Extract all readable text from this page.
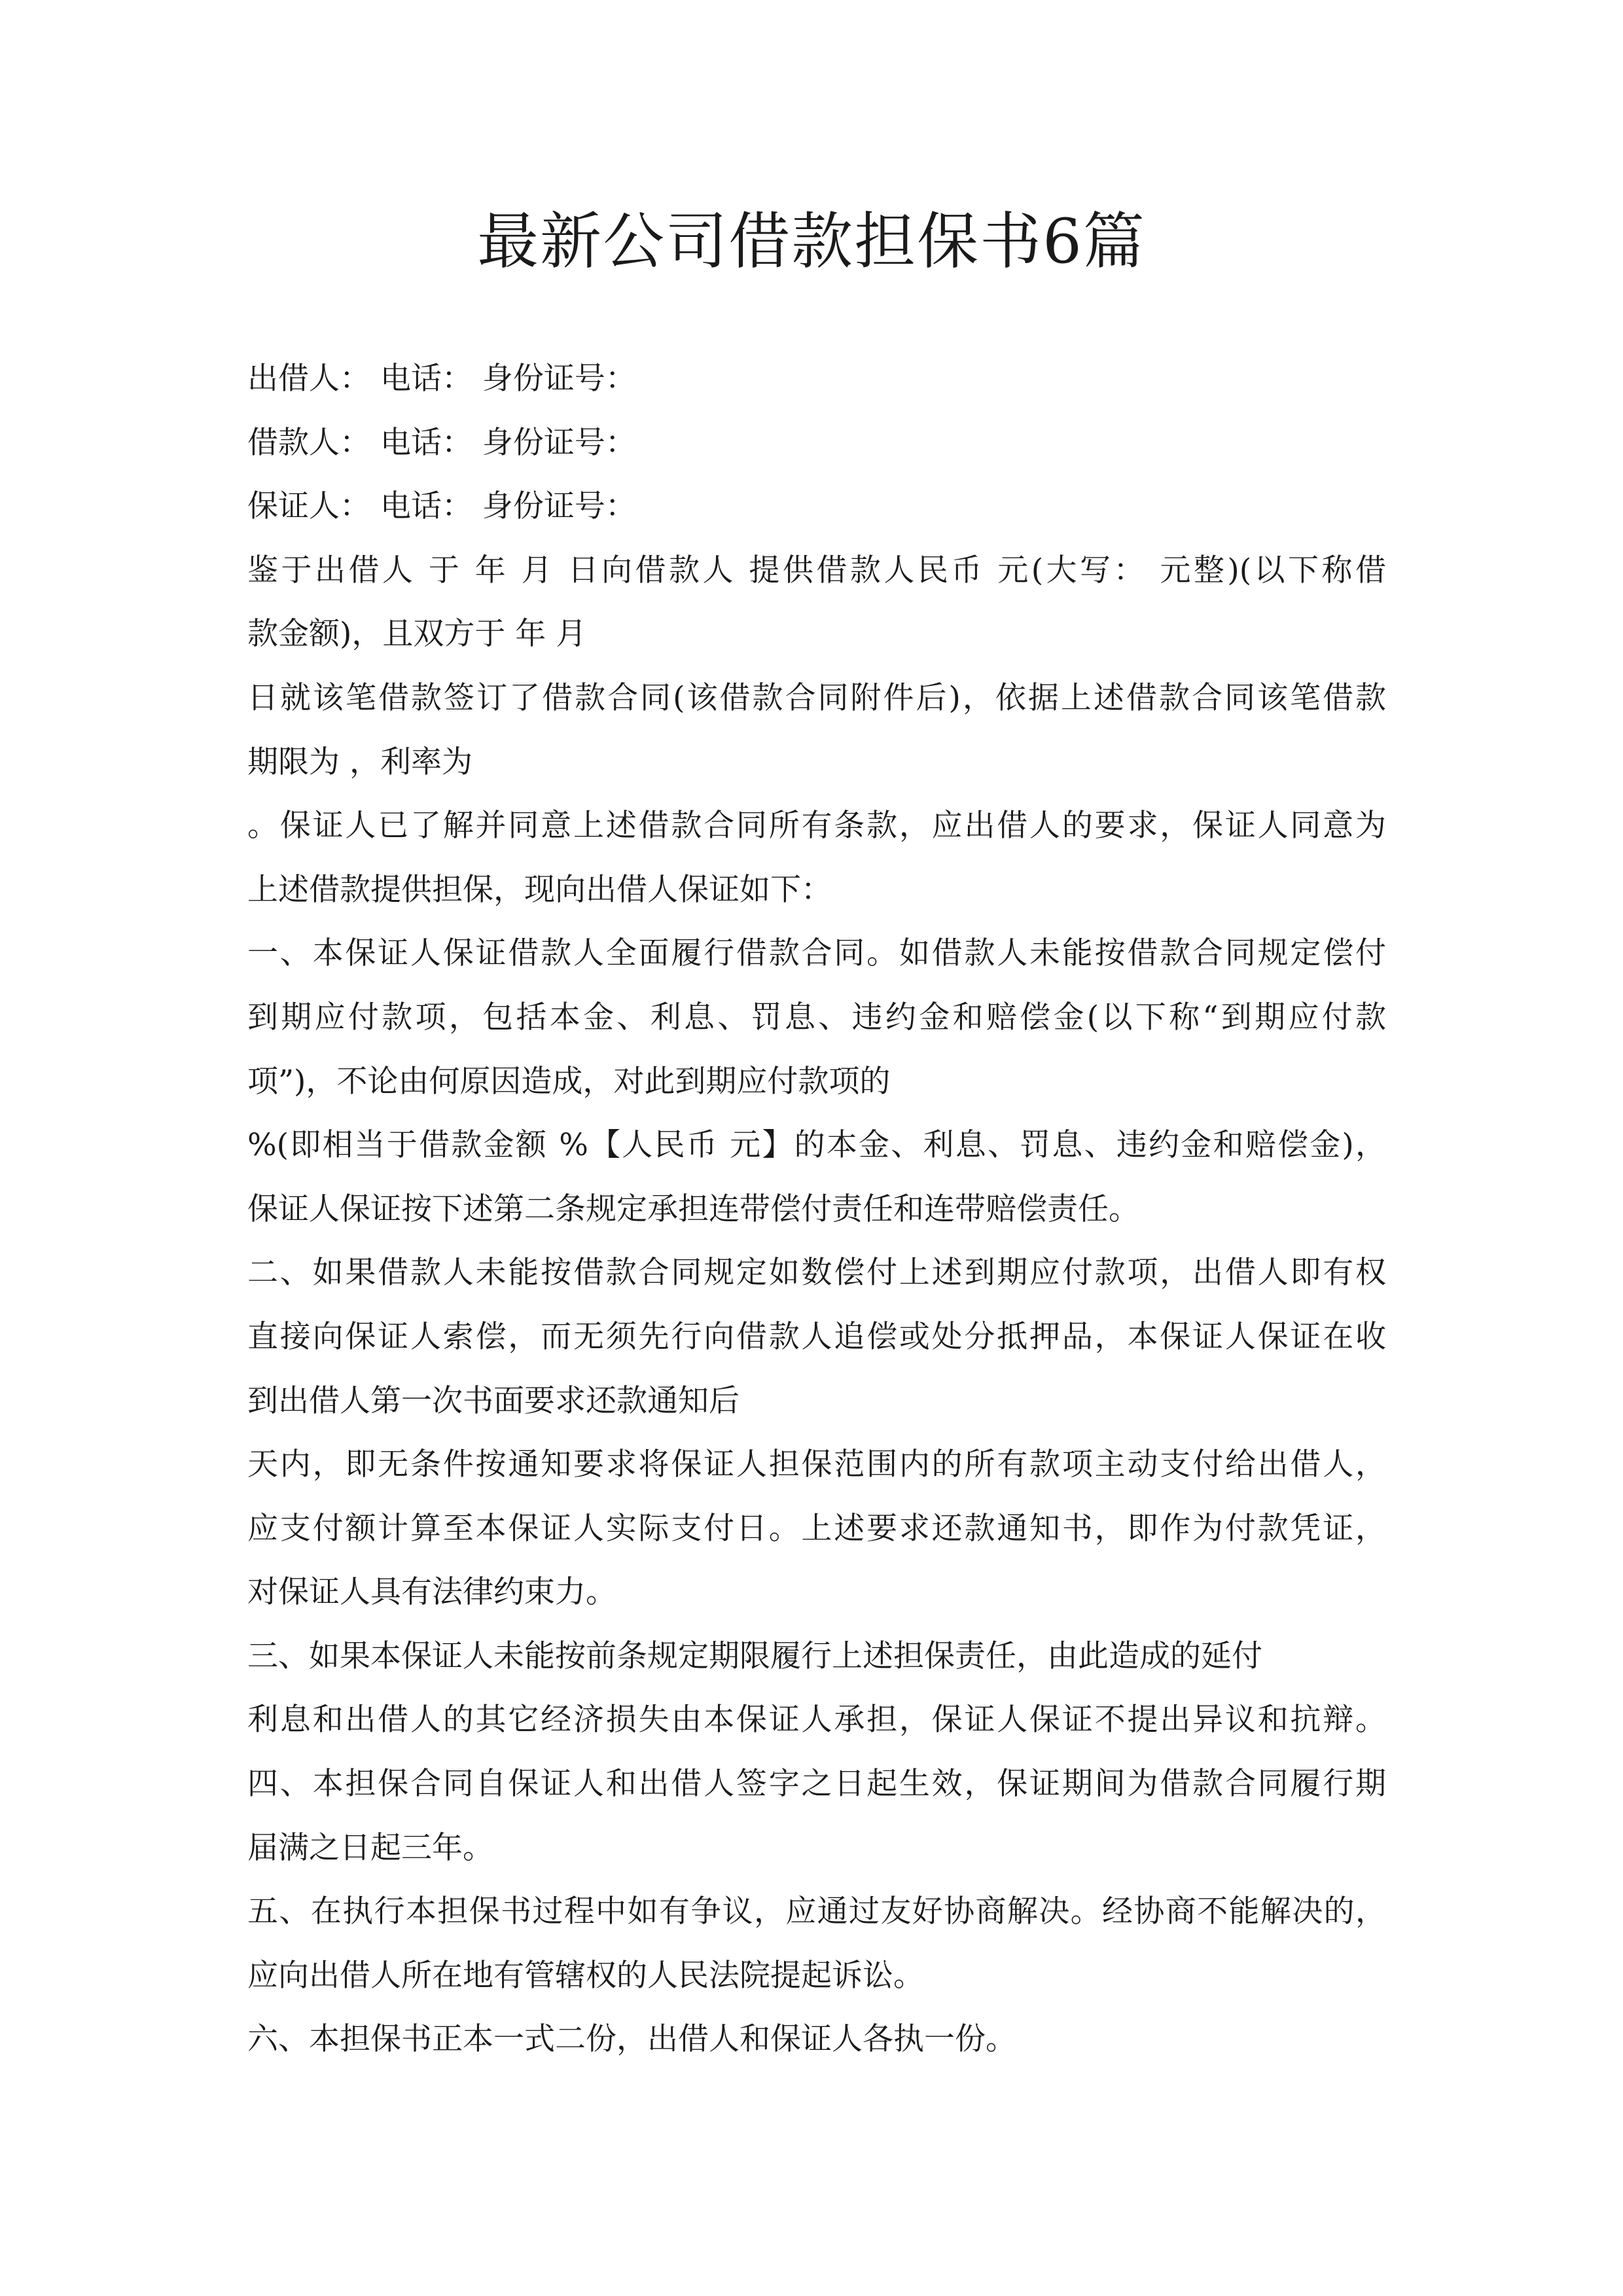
最新公司借款担保书6篇
出借人： 电话： 身份证号：
借款人： 电话： 身份证号：
保证人： 电话： 身份证号：
鉴于出借人 于 年 月 日向借款人 提供借款人民币 元(大写： 元整)(以下称借
款金额)，且双方于 年 月
日就该笔借款签订了借款合同(该借款合同附件后)，依据上述借款合同该笔借款
期限为 ，利率为
。保证人已了解并同意上述借款合同所有条款，应出借人的要求，保证人同意为
上述借款提供担保，现向出借人保证如下：
一、本保证人保证借款人全面履行借款合同。如借款人未能按借款合同规定偿付
到期应付款项，包括本金、利息、罚息、违约金和赔偿金(以下称“到期应付款
项”)，不论由何原因造成，对此到期应付款项的
%(即相当于借款金额 %【人民币 元】的本金、利息、罚息、违约金和赔偿金)，
保证人保证按下述第二条规定承担连带偿付责任和连带赔偿责任。
二、如果借款人未能按借款合同规定如数偿付上述到期应付款项，出借人即有权
直接向保证人索偿，而无须先行向借款人追偿或处分抵押品，本保证人保证在收
到出借人第一次书面要求还款通知后
天内，即无条件按通知要求将保证人担保范围内的所有款项主动支付给出借人，
应支付额计算至本保证人实际支付日。上述要求还款通知书，即作为付款凭证，
对保证人具有法律约束力。
三、如果本保证人未能按前条规定期限履行上述担保责任，由此造成的延付
利息和出借人的其它经济损失由本保证人承担，保证人保证不提出异议和抗辩。
四、本担保合同自保证人和出借人签字之日起生效，保证期间为借款合同履行期
届满之日起三年。
五、在执行本担保书过程中如有争议，应通过友好协商解决。经协商不能解决的，
应向出借人所在地有管辖权的人民法院提起诉讼。
六、本担保书正本一式二份，出借人和保证人各执一份。
